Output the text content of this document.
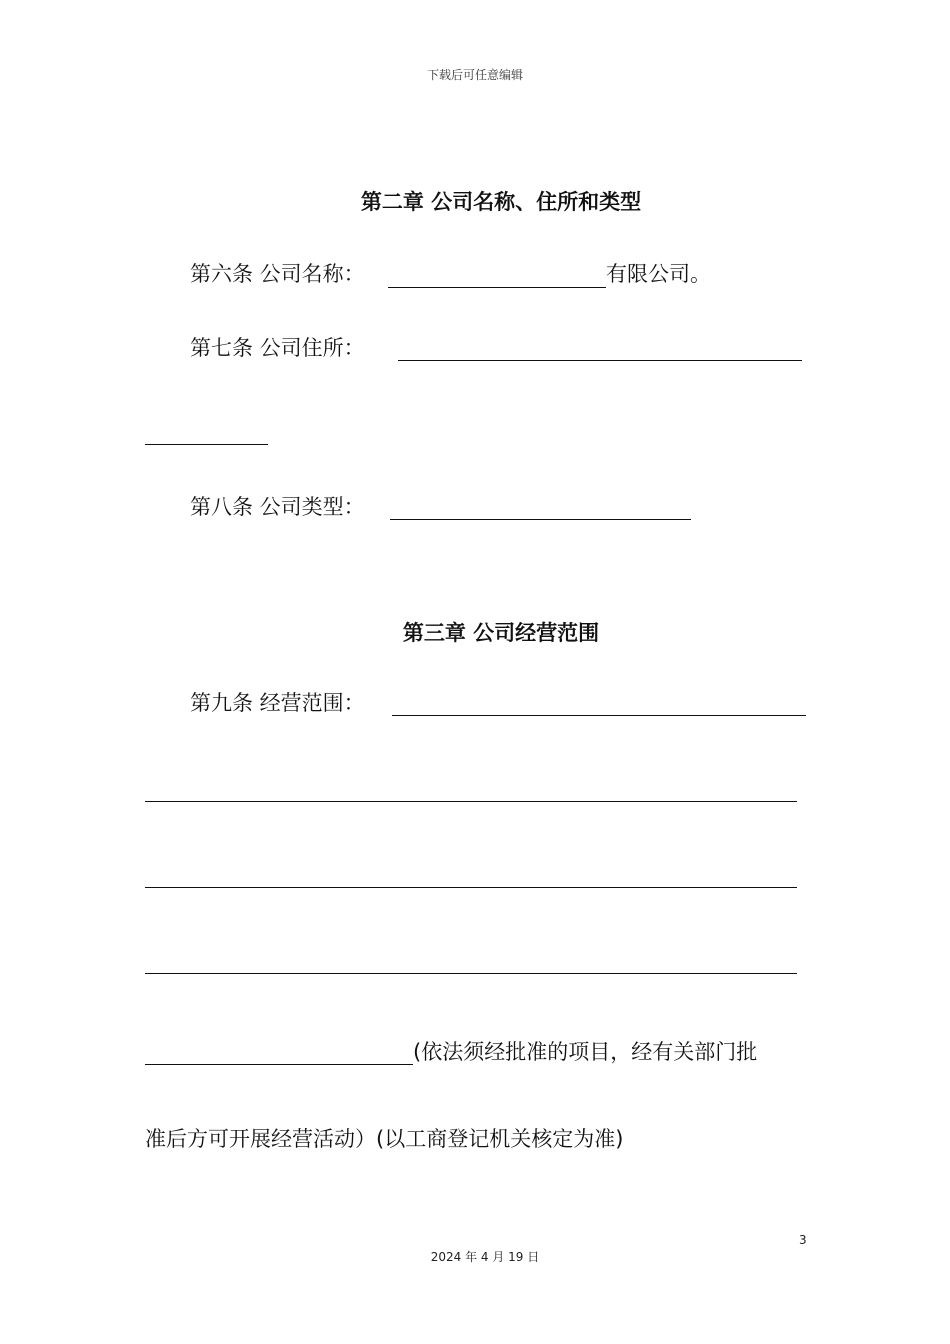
下载后可任意编辑
第二章 公司名称、住所和类型
第六条 公司名称：	有限公司。
第七条 公司住所：
第八条 公司类型：
第三章 公司经营范围
第九条 经营范围：
(依法须经批准的项目，经有关部门批
准后方可开展经营活动）(以工商登记机关核定为准)
3
2024 年 4 月 19 日
